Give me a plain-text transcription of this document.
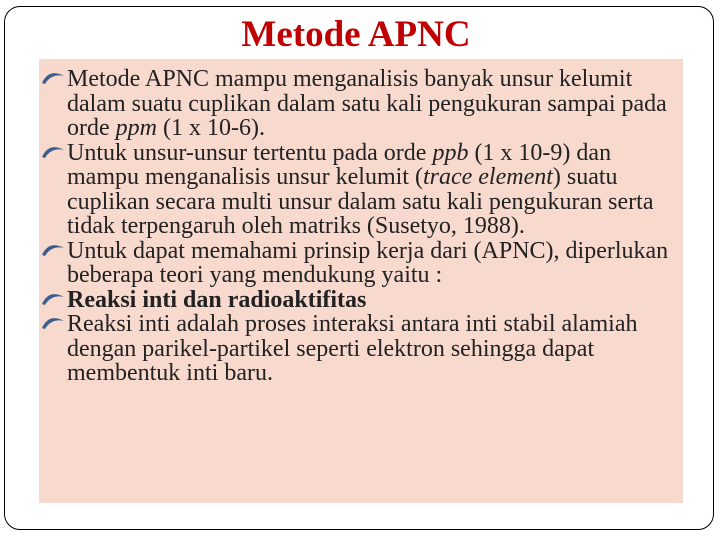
Metode APNC
Metode APNC mampu menganalisis banyak unsur kelumit dalam suatu cuplikan dalam satu kali pengukuran sampai pada orde ppm (1 x 10-6).
Untuk unsur-unsur tertentu pada orde ppb (1 x 10-9) dan mampu menganalisis unsur kelumit (trace element) suatu cuplikan secara multi unsur dalam satu kali pengukuran serta tidak terpengaruh oleh matriks (Susetyo, 1988).
Untuk dapat memahami prinsip kerja dari (APNC), diperlukan beberapa teori yang mendukung yaitu :
Reaksi inti dan radioaktifitas
Reaksi inti adalah proses interaksi antara inti stabil alamiah dengan parikel-partikel seperti elektron sehingga dapat membentuk inti baru.
